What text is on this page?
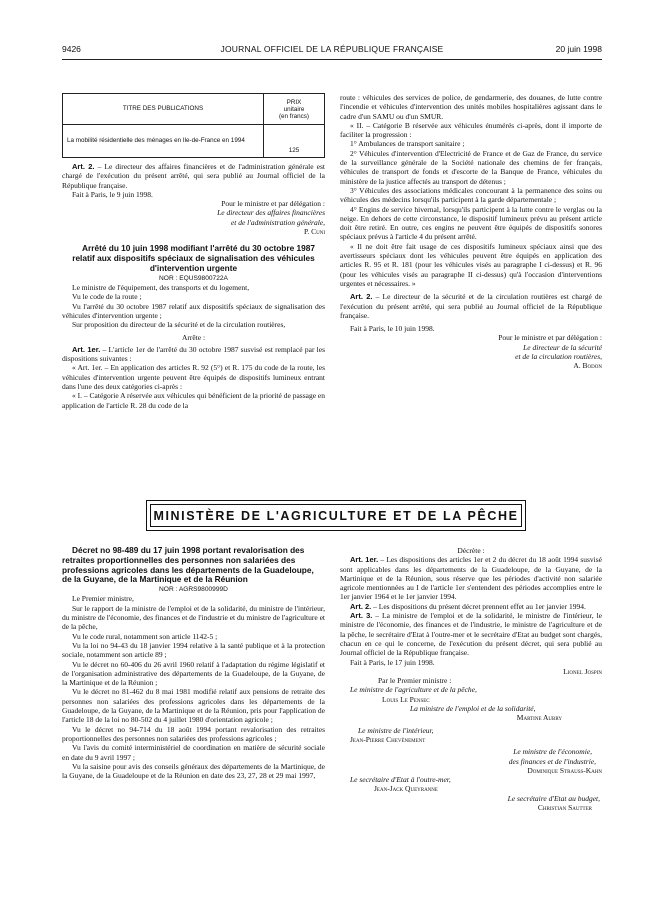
9426	JOURNAL OFFICIEL DE LA RÉPUBLIQUE FRANÇAISE	20 juin 1998
TITRE DES PUBLICATIONS	PRIX
unitaire
(en francs)

La mobilité résidentielle des ménages en Ile-de-France en 1994	125

Art. 2. – Le directeur des affaires financières et de l'administration générale est chargé de l'exécution du présent arrêté, qui sera publié au Journal officiel de la République française.

Fait à Paris, le 9 juin 1998.

Pour le ministre et par délégation :

Le directeur des affaires financières

et de l'administration générale,

P. Cuni

Arrêté du 10 juin 1998 modifiant l'arrêté du 30 octobre 1987 relatif aux dispositifs spéciaux de signalisation des véhicules d'intervention urgente

NOR : EQUS9800722A

Le ministre de l'équipement, des transports et du logement,

Vu le code de la route ;

Vu l'arrêté du 30 octobre 1987 relatif aux dispositifs spéciaux de signalisation des véhicules d'intervention urgente ;

Sur proposition du directeur de la sécurité et de la circulation routières,

Arrête :

Art. 1er. – L'article 1er de l'arrêté du 30 octobre 1987 susvisé est remplacé par les dispositions suivantes :

« Art. 1er. – En application des articles R. 92 (5°) et R. 175 du code de la route, les véhicules d'intervention urgente peuvent être équipés de dispositifs lumineux entrant dans l'une des deux catégories ci-après :

« I. – Catégorie A réservée aux véhicules qui bénéficient de la priorité de passage en application de l'article R. 28 du code de la

route : véhicules des services de police, de gendarmerie, des douanes, de lutte contre l'incendie et véhicules d'intervention des unités mobiles hospitalières agissant dans le cadre d'un SAMU ou d'un SMUR.

« II. – Catégorie B réservée aux véhicules énumérés ci-après, dont il importe de faciliter la progression :

1° Ambulances de transport sanitaire ;

2° Véhicules d'intervention d'Electricité de France et de Gaz de France, du service de la surveillance générale de la Société nationale des chemins de fer français, véhicules de transport de fonds et d'escorte de la Banque de France, véhicules du ministère de la justice affectés au transport de détenus ;

3° Véhicules des associations médicales concourant à la permanence des soins ou véhicules des médecins lorsqu'ils participent à la garde départementale ;

4° Engins de service hivernal, lorsqu'ils participent à la lutte contre le verglas ou la neige. En dehors de cette circonstance, le dispositif lumineux prévu au présent article doit être retiré. En outre, ces engins ne peuvent être équipés de dispositifs sonores spéciaux prévus à l'article 4 du présent arrêté.

« Il ne doit être fait usage de ces dispositifs lumineux spéciaux ainsi que des avertisseurs spéciaux dont les véhicules peuvent être équipés en application des articles R. 95 et R. 181 (pour les véhicules visés au paragraphe I ci-dessus) et R. 96 (pour les véhicules visés au paragraphe II ci-dessus) qu'à l'occasion d'interventions urgentes et nécessaires. »

Art. 2. – Le directeur de la sécurité et de la circulation routières est chargé de l'exécution du présent arrêté, qui sera publié au Journal officiel de la République française.

Fait à Paris, le 10 juin 1998.

Pour le ministre et par délégation :

Le directeur de la sécurité

et de la circulation routières,

A. Bodon

MINISTÈRE DE L'AGRICULTURE ET DE LA PÊCHE

Décret no 98-489 du 17 juin 1998 portant revalorisation des retraites proportionnelles des personnes non salariées des professions agricoles dans les départements de la Guadeloupe, de la Guyane, de la Martinique et de la Réunion

NOR : AGRS9800999D

Le Premier ministre,

Sur le rapport de la ministre de l'emploi et de la solidarité, du ministre de l'intérieur, du ministre de l'économie, des finances et de l'industrie et du ministre de l'agriculture et de la pêche,

Vu le code rural, notamment son article 1142-5 ;

Vu la loi no 94-43 du 18 janvier 1994 relative à la santé publique et à la protection sociale, notamment son article 89 ;

Vu le décret no 60-406 du 26 avril 1960 relatif à l'adaptation du régime législatif et de l'organisation administrative des départements de la Guadeloupe, de la Guyane, de la Martinique et de la Réunion ;

Vu le décret no 81-462 du 8 mai 1981 modifié relatif aux pensions de retraite des personnes non salariées des professions agricoles dans les départements de la Guadeloupe, de la Guyane, de la Martinique et de la Réunion, pris pour l'application de l'article 18 de la loi no 80-502 du 4 juillet 1980 d'orientation agricole ;

Vu le décret no 94-714 du 18 août 1994 portant revalorisation des retraites proportionnelles des personnes non salariées des professions agricoles ;

Vu l'avis du comité interministériel de coordination en matière de sécurité sociale en date du 9 avril 1997 ;

Vu la saisine pour avis des conseils généraux des départements de la Martinique, de la Guyane, de la Guadeloupe et de la Réunion en date des 23, 27, 28 et 29 mai 1997,

Décrète :

Art. 1er. – Les dispositions des articles 1er et 2 du décret du 18 août 1994 susvisé sont applicables dans les départements de la Guadeloupe, de la Guyane, de la Martinique et de la Réunion, sous réserve que les périodes d'activité non salariée agricole mentionnées au I de l'article 1er s'entendent des périodes accomplies entre le 1er janvier 1964 et le 1er janvier 1994.

Art. 2. – Les dispositions du présent décret prennent effet au 1er janvier 1994.

Art. 3. – La ministre de l'emploi et de la solidarité, le ministre de l'intérieur, le ministre de l'économie, des finances et de l'industrie, le ministre de l'agriculture et de la pêche, le secrétaire d'Etat à l'outre-mer et le secrétaire d'Etat au budget sont chargés, chacun en ce qui le concerne, de l'exécution du présent décret, qui sera publié au Journal officiel de la République française.

Fait à Paris, le 17 juin 1998.

Lionel Jospin

Par le Premier ministre :

Le ministre de l'agriculture et de la pêche,

Louis Le Pensec

La ministre de l'emploi et de la solidarité,

Martine Aubry

Le ministre de l'intérieur,

Jean-Pierre Chevènement

Le ministre de l'économie,

des finances et de l'industrie,

Dominique Strauss-Kahn

Le secrétaire d'Etat à l'outre-mer,

Jean-Jack Queyranne

Le secrétaire d'Etat au budget,

Christian Sautter
